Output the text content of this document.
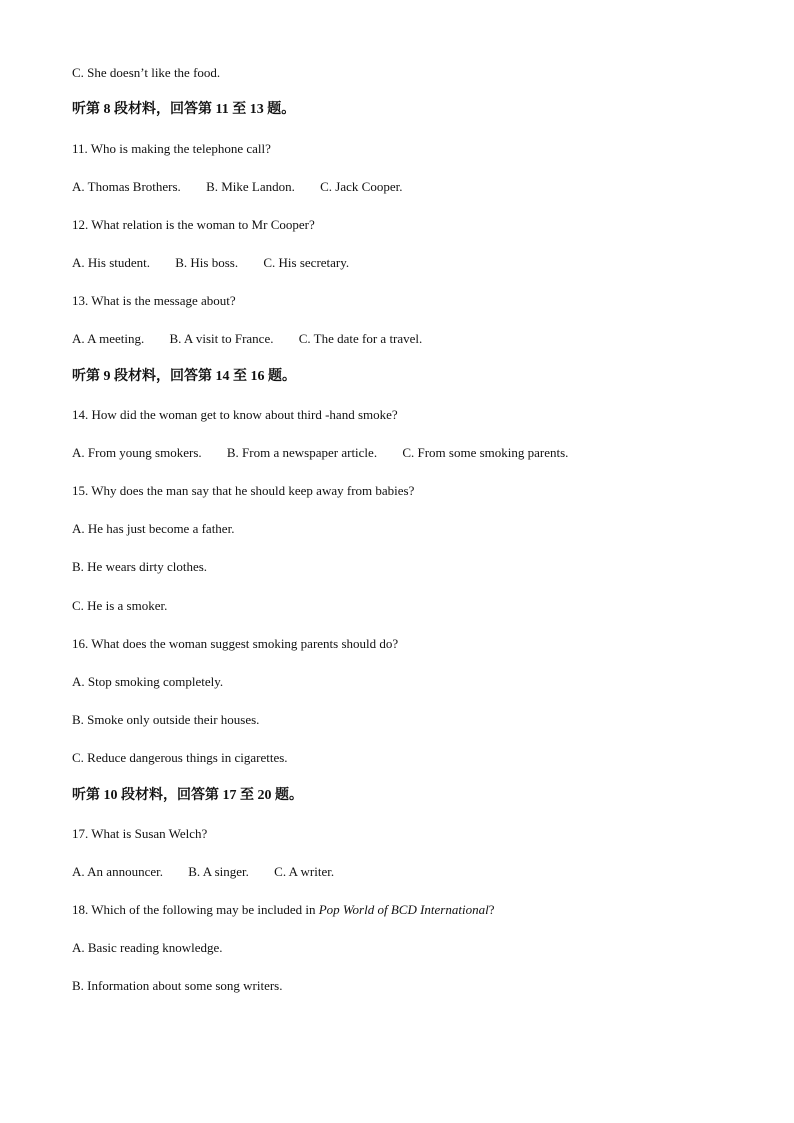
C. She doesn’t like the food.
听第 8 段材料，回答第 11 至 13 题。
11. Who is making the telephone call?
A. Thomas Brothers. B. Mike Landon. C. Jack Cooper.
12. What relation is the woman to Mr Cooper?
A. His student. B. His boss. C. His secretary.
13. What is the message about?
A. A meeting. B. A visit to France. C. The date for a travel.
听第 9 段材料，回答第 14 至 16 题。
14. How did the woman get to know about third -hand smoke?
A. From young smokers. B. From a newspaper article. C. From some smoking parents.
15. Why does the man say that he should keep away from babies?
A. He has just become a father.
B. He wears dirty clothes.
C. He is a smoker.
16. What does the woman suggest smoking parents should do?
A. Stop smoking completely.
B. Smoke only outside their houses.
C. Reduce dangerous things in cigarettes.
听第 10 段材料，回答第 17 至 20 题。
17. What is Susan Welch?
A. An announcer. B. A singer. C. A writer.
18. Which of the following may be included in Pop World of BCD International?
A. Basic reading knowledge.
B. Information about some song writers.
